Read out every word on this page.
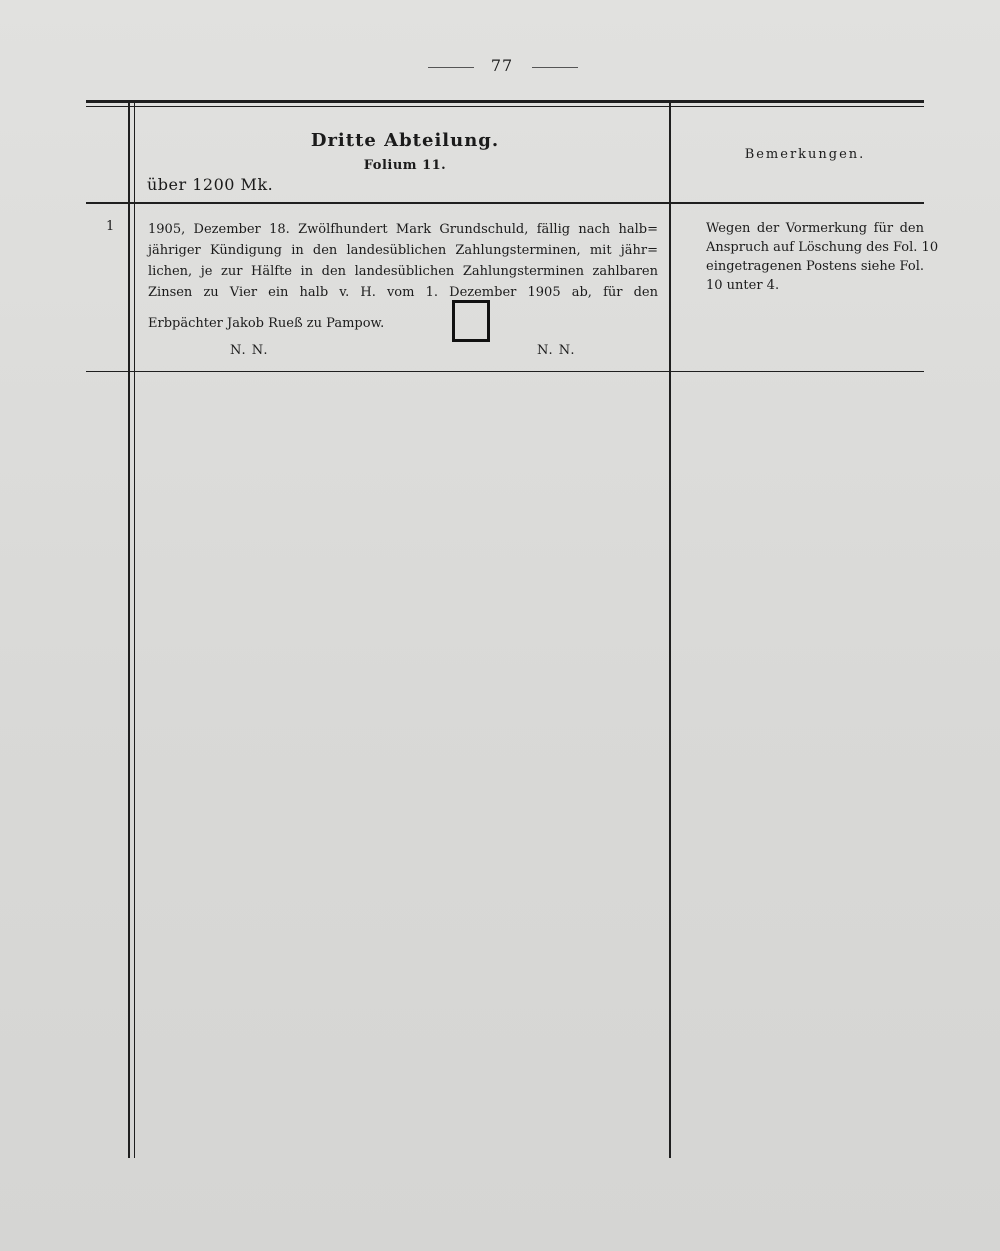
77
Dritte Abteilung.
Folium 11.
über 1200 Mk.
Bemerkungen.
1	1905, Dezember 18. Zwölfhundert Mark Grundschuld, fällig nach halb=
jähriger Kündigung in den landesüblichen Zahlungsterminen, mit jähr=
lichen, je zur Hälfte in den landesüblichen Zahlungsterminen zahlbaren
Zinsen zu Vier ein halb v. H. vom 1. Dezember 1905 ab, für den
Erbpächter Jakob Rueß zu Pampow.
N. N.	N. N.
Wegen der Vormerkung für den
Anspruch auf Löschung des Fol. 10
eingetragenen Postens siehe Fol.
10 unter 4.
